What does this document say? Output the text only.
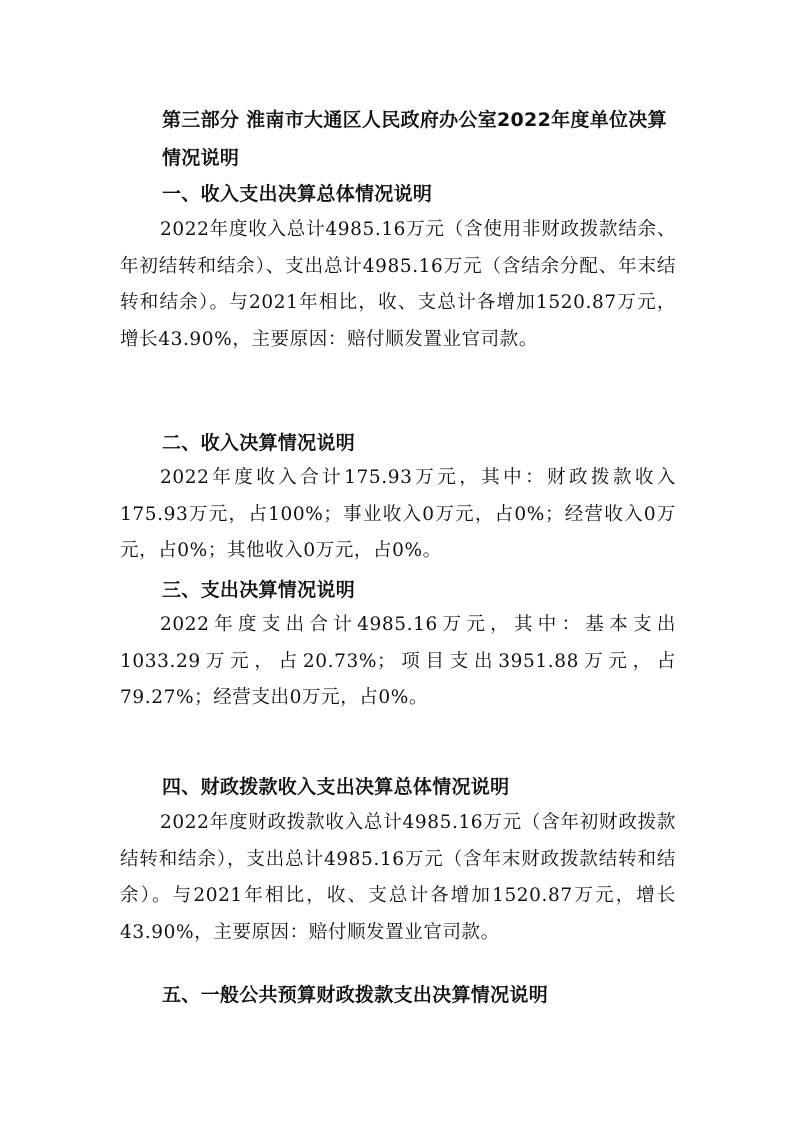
第三部分 淮南市大通区人民政府办公室2022年度单位决算情况说明
一、收入支出决算总体情况说明
2022年度收入总计4985.16万元（含使用非财政拨款结余、年初结转和结余）、支出总计4985.16万元（含结余分配、年末结转和结余）。与2021年相比，收、支总计各增加1520.87万元，增长43.90%，主要原因：赔付顺发置业官司款。
二、收入决算情况说明
2022年度收入合计175.93万元，其中：财政拨款收入175.93万元，占100%；事业收入0万元，占0%；经营收入0万元，占0%；其他收入0万元，占0%。
三、支出决算情况说明
2022年度支出合计4985.16万元，其中：基本支出1033.29万元，占20.73%；项目支出3951.88万元，占79.27%；经营支出0万元，占0%。
四、财政拨款收入支出决算总体情况说明
2022年度财政拨款收入总计4985.16万元（含年初财政拨款结转和结余），支出总计4985.16万元（含年末财政拨款结转和结余）。与2021年相比，收、支总计各增加1520.87万元，增长43.90%，主要原因：赔付顺发置业官司款。
五、一般公共预算财政拨款支出决算情况说明
